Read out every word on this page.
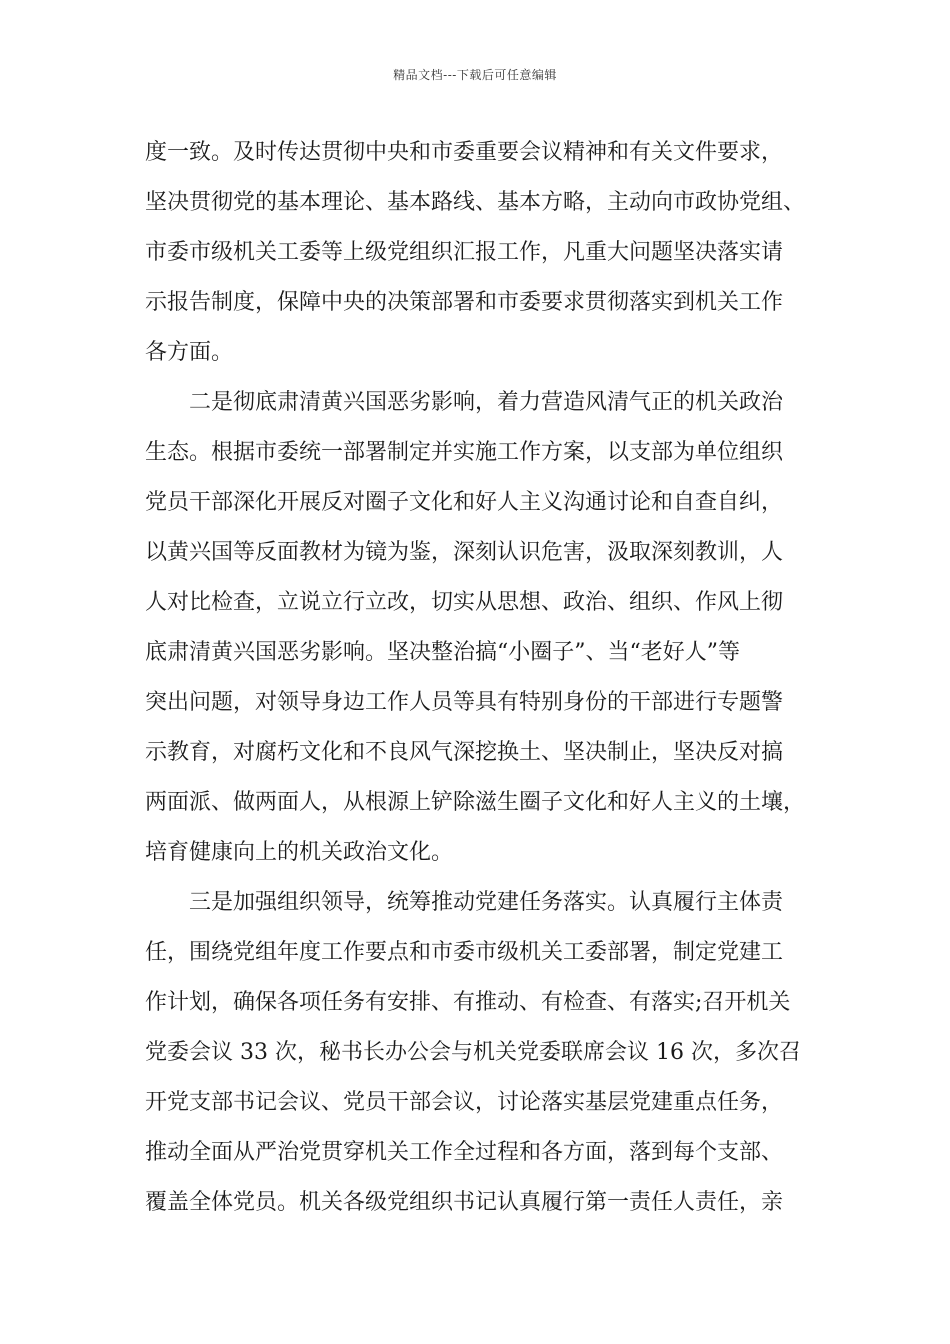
精品文档---下载后可任意编辑
度一致。及时传达贯彻中央和市委重要会议精神和有关文件要求，
坚决贯彻党的基本理论、基本路线、基本方略，主动向市政协党组、
市委市级机关工委等上级党组织汇报工作，凡重大问题坚决落实请
示报告制度，保障中央的决策部署和市委要求贯彻落实到机关工作
各方面。
　　二是彻底肃清黄兴国恶劣影响，着力营造风清气正的机关政治
生态。根据市委统一部署制定并实施工作方案，以支部为单位组织
党员干部深化开展反对圈子文化和好人主义沟通讨论和自查自纠，
以黄兴国等反面教材为镜为鉴，深刻认识危害，汲取深刻教训，人
人对比检查，立说立行立改，切实从思想、政治、组织、作风上彻
底肃清黄兴国恶劣影响。坚决整治搞“小圈子”、当“老好人”等
突出问题，对领导身边工作人员等具有特别身份的干部进行专题警
示教育，对腐朽文化和不良风气深挖换土、坚决制止，坚决反对搞
两面派、做两面人，从根源上铲除滋生圈子文化和好人主义的土壤，
培育健康向上的机关政治文化。
　　三是加强组织领导，统筹推动党建任务落实。认真履行主体责
任，围绕党组年度工作要点和市委市级机关工委部署，制定党建工
作计划，确保各项任务有安排、有推动、有检查、有落实;召开机关
党委会议 33 次，秘书长办公会与机关党委联席会议 16 次，多次召
开党支部书记会议、党员干部会议，讨论落实基层党建重点任务，
推动全面从严治党贯穿机关工作全过程和各方面，落到每个支部、
覆盖全体党员。机关各级党组织书记认真履行第一责任人责任，亲
